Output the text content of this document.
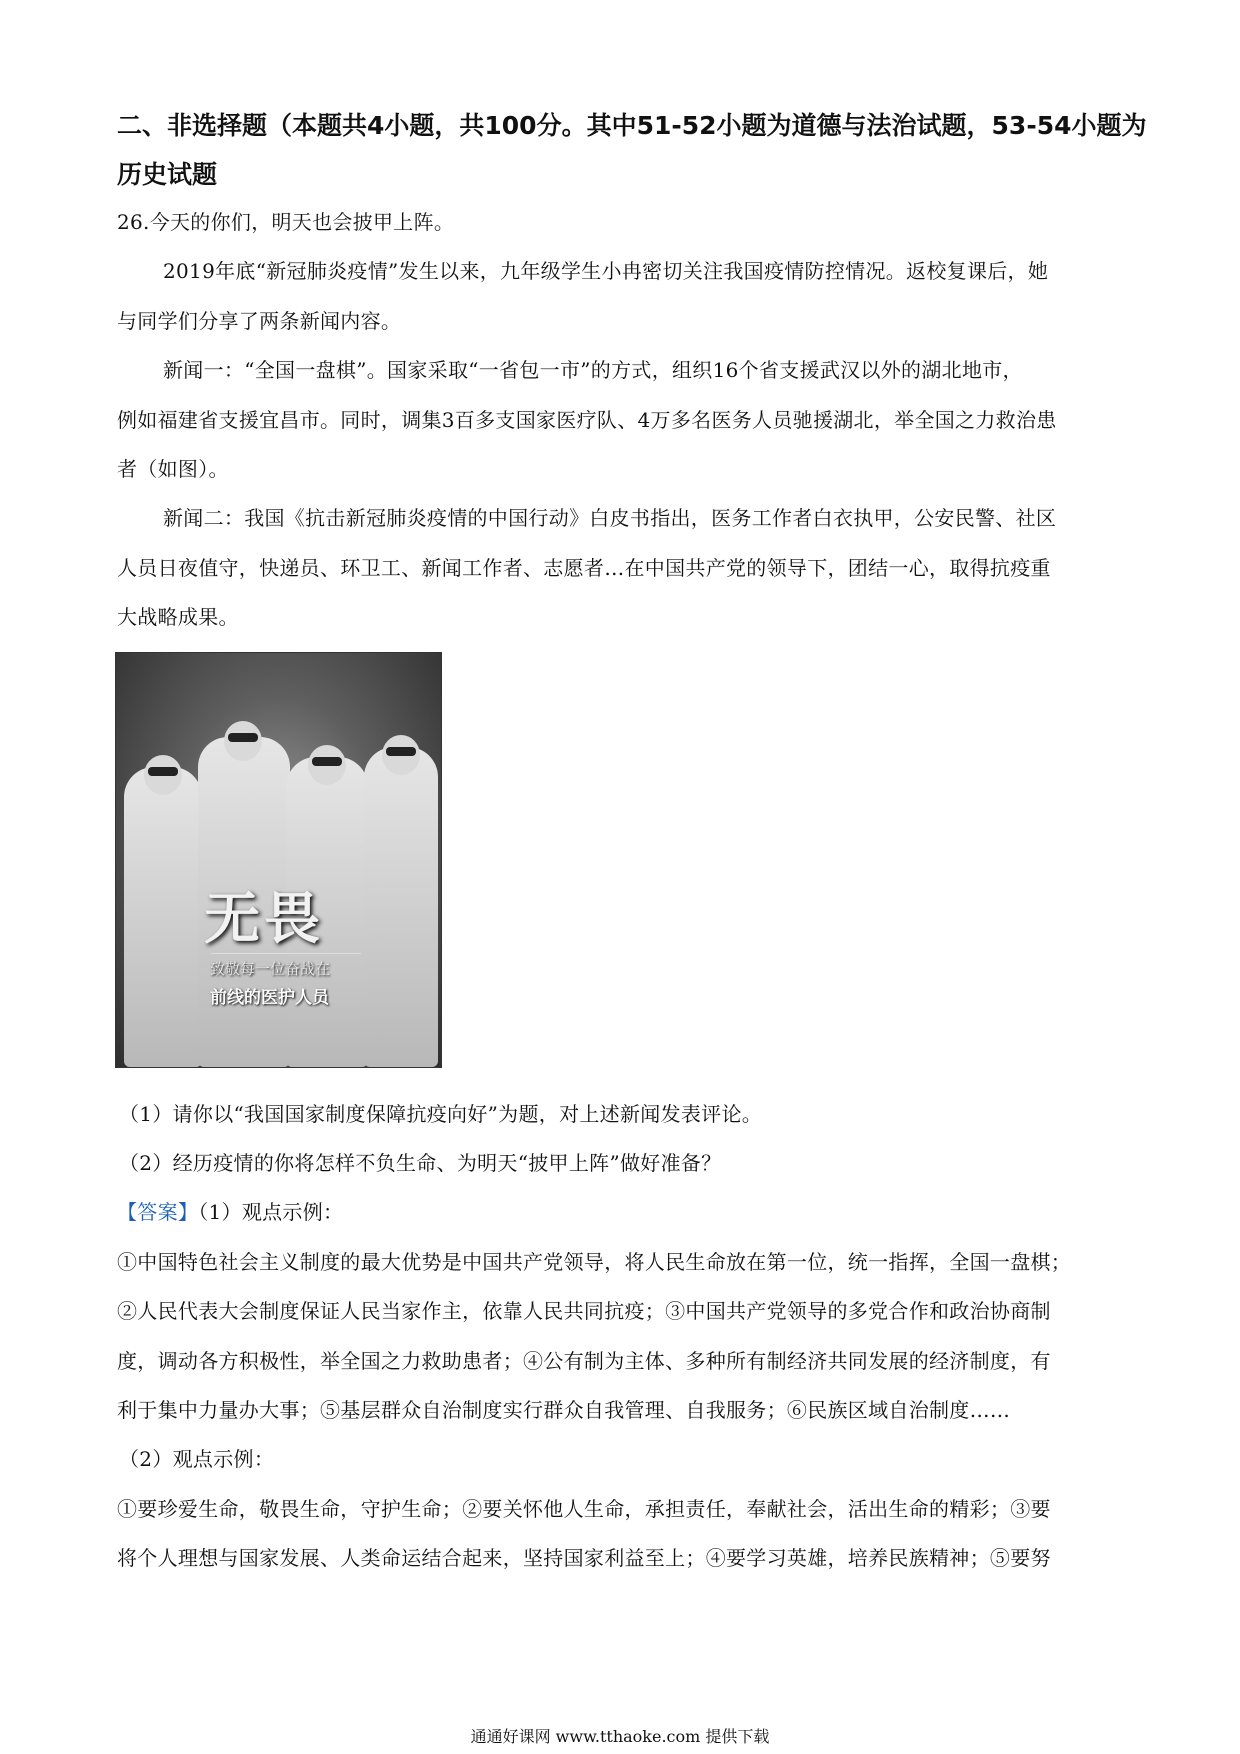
二、非选择题（本题共4小题，共100分。其中51-52小题为道德与法治试题，53-54小题为
历史试题
26.今天的你们，明天也会披甲上阵。
2019年底“新冠肺炎疫情”发生以来，九年级学生小冉密切关注我国疫情防控情况。返校复课后，她
与同学们分享了两条新闻内容。
新闻一：“全国一盘棋”。国家采取“一省包一市”的方式，组织16个省支援武汉以外的湖北地市，
例如福建省支援宜昌市。同时，调集3百多支国家医疗队、4万多名医务人员驰援湖北，举全国之力救治患
者（如图）。
新闻二：我国《抗击新冠肺炎疫情的中国行动》白皮书指出，医务工作者白衣执甲，公安民警、社区
人员日夜值守，快递员、环卫工、新闻工作者、志愿者…在中国共产党的领导下，团结一心，取得抗疫重
大战略成果。
无畏
致敬每一位奋战在
前线的医护人员
（1）请你以“我国国家制度保障抗疫向好”为题，对上述新闻发表评论。
（2）经历疫情的你将怎样不负生命、为明天“披甲上阵”做好准备？
【答案】（1）观点示例：
①中国特色社会主义制度的最大优势是中国共产党领导，将人民生命放在第一位，统一指挥，全国一盘棋；
②人民代表大会制度保证人民当家作主，依靠人民共同抗疫；③中国共产党领导的多党合作和政治协商制
度，调动各方积极性，举全国之力救助患者；④公有制为主体、多种所有制经济共同发展的经济制度，有
利于集中力量办大事；⑤基层群众自治制度实行群众自我管理、自我服务；⑥民族区域自治制度……
（2）观点示例：
①要珍爱生命，敬畏生命，守护生命；②要关怀他人生命，承担责任，奉献社会，活出生命的精彩；③要
将个人理想与国家发展、人类命运结合起来，坚持国家利益至上；④要学习英雄，培养民族精神；⑤要努
通通好课网 www.tthaoke.com 提供下载
